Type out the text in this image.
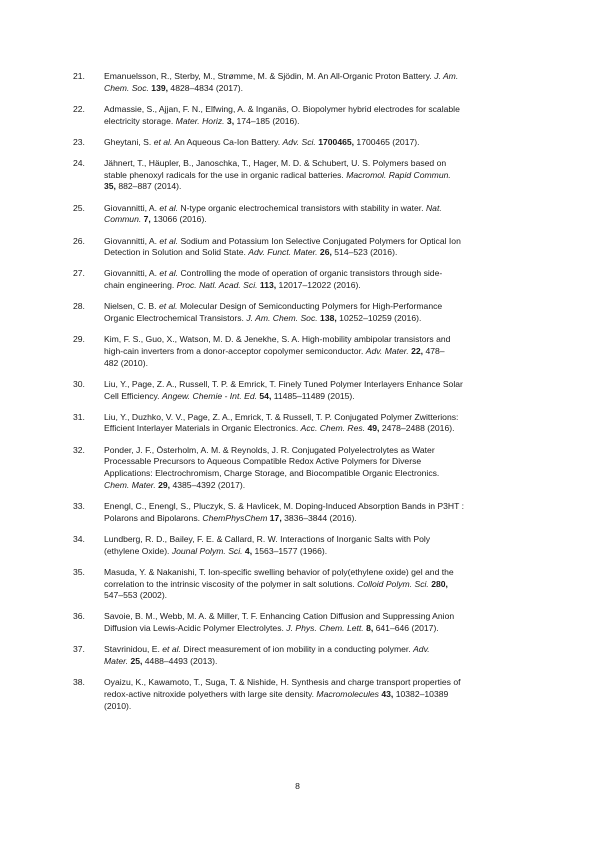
21.	Emanuelsson, R., Sterby, M., Strømme, M. & Sjödin, M. An All-Organic Proton Battery. J. Am.
Chem. Soc. 139, 4828–4834 (2017).
22.	Admassie, S., Ajjan, F. N., Elfwing, A. & Inganäs, O. Biopolymer hybrid electrodes for scalable
electricity storage. Mater. Horiz. 3, 174–185 (2016).
23.	Gheytani, S. et al. An Aqueous Ca-Ion Battery. Adv. Sci. 1700465, 1700465 (2017).
24.	Jähnert, T., Häupler, B., Janoschka, T., Hager, M. D. & Schubert, U. S. Polymers based on
stable phenoxyl radicals for the use in organic radical batteries. Macromol. Rapid Commun.
35, 882–887 (2014).
25.	Giovannitti, A. et al. N-type organic electrochemical transistors with stability in water. Nat.
Commun. 7, 13066 (2016).
26.	Giovannitti, A. et al. Sodium and Potassium Ion Selective Conjugated Polymers for Optical Ion
Detection in Solution and Solid State. Adv. Funct. Mater. 26, 514–523 (2016).
27.	Giovannitti, A. et al. Controlling the mode of operation of organic transistors through side-
chain engineering. Proc. Natl. Acad. Sci. 113, 12017–12022 (2016).
28.	Nielsen, C. B. et al. Molecular Design of Semiconducting Polymers for High-Performance
Organic Electrochemical Transistors. J. Am. Chem. Soc. 138, 10252–10259 (2016).
29.	Kim, F. S., Guo, X., Watson, M. D. & Jenekhe, S. A. High-mobility ambipolar transistors and
high-cain inverters from a donor-acceptor copolymer semiconductor. Adv. Mater. 22, 478–
482 (2010).
30.	Liu, Y., Page, Z. A., Russell, T. P. & Emrick, T. Finely Tuned Polymer Interlayers Enhance Solar
Cell Efficiency. Angew. Chemie - Int. Ed. 54, 11485–11489 (2015).
31.	Liu, Y., Duzhko, V. V., Page, Z. A., Emrick, T. & Russell, T. P. Conjugated Polymer Zwitterions:
Efficient Interlayer Materials in Organic Electronics. Acc. Chem. Res. 49, 2478–2488 (2016).
32.	Ponder, J. F., Österholm, A. M. & Reynolds, J. R. Conjugated Polyelectrolytes as Water
Processable Precursors to Aqueous Compatible Redox Active Polymers for Diverse
Applications: Electrochromism, Charge Storage, and Biocompatible Organic Electronics.
Chem. Mater. 29, 4385–4392 (2017).
33.	Enengl, C., Enengl, S., Pluczyk, S. & Havlicek, M. Doping-Induced Absorption Bands in P3HT :
Polarons and Bipolarons. ChemPhysChem 17, 3836–3844 (2016).
34.	Lundberg, R. D., Bailey, F. E. & Callard, R. W. Interactions of Inorganic Salts with Poly
(ethylene Oxide). Jounal Polym. Sci. 4, 1563–1577 (1966).
35.	Masuda, Y. & Nakanishi, T. Ion-specific swelling behavior of poly(ethylene oxide) gel and the
correlation to the intrinsic viscosity of the polymer in salt solutions. Colloid Polym. Sci. 280,
547–553 (2002).
36.	Savoie, B. M., Webb, M. A. & Miller, T. F. Enhancing Cation Diffusion and Suppressing Anion
Diffusion via Lewis-Acidic Polymer Electrolytes. J. Phys. Chem. Lett. 8, 641–646 (2017).
37.	Stavrinidou, E. et al. Direct measurement of ion mobility in a conducting polymer. Adv.
Mater. 25, 4488–4493 (2013).
38.	Oyaizu, K., Kawamoto, T., Suga, T. & Nishide, H. Synthesis and charge transport properties of
redox-active nitroxide polyethers with large site density. Macromolecules 43, 10382–10389
(2010).
8
